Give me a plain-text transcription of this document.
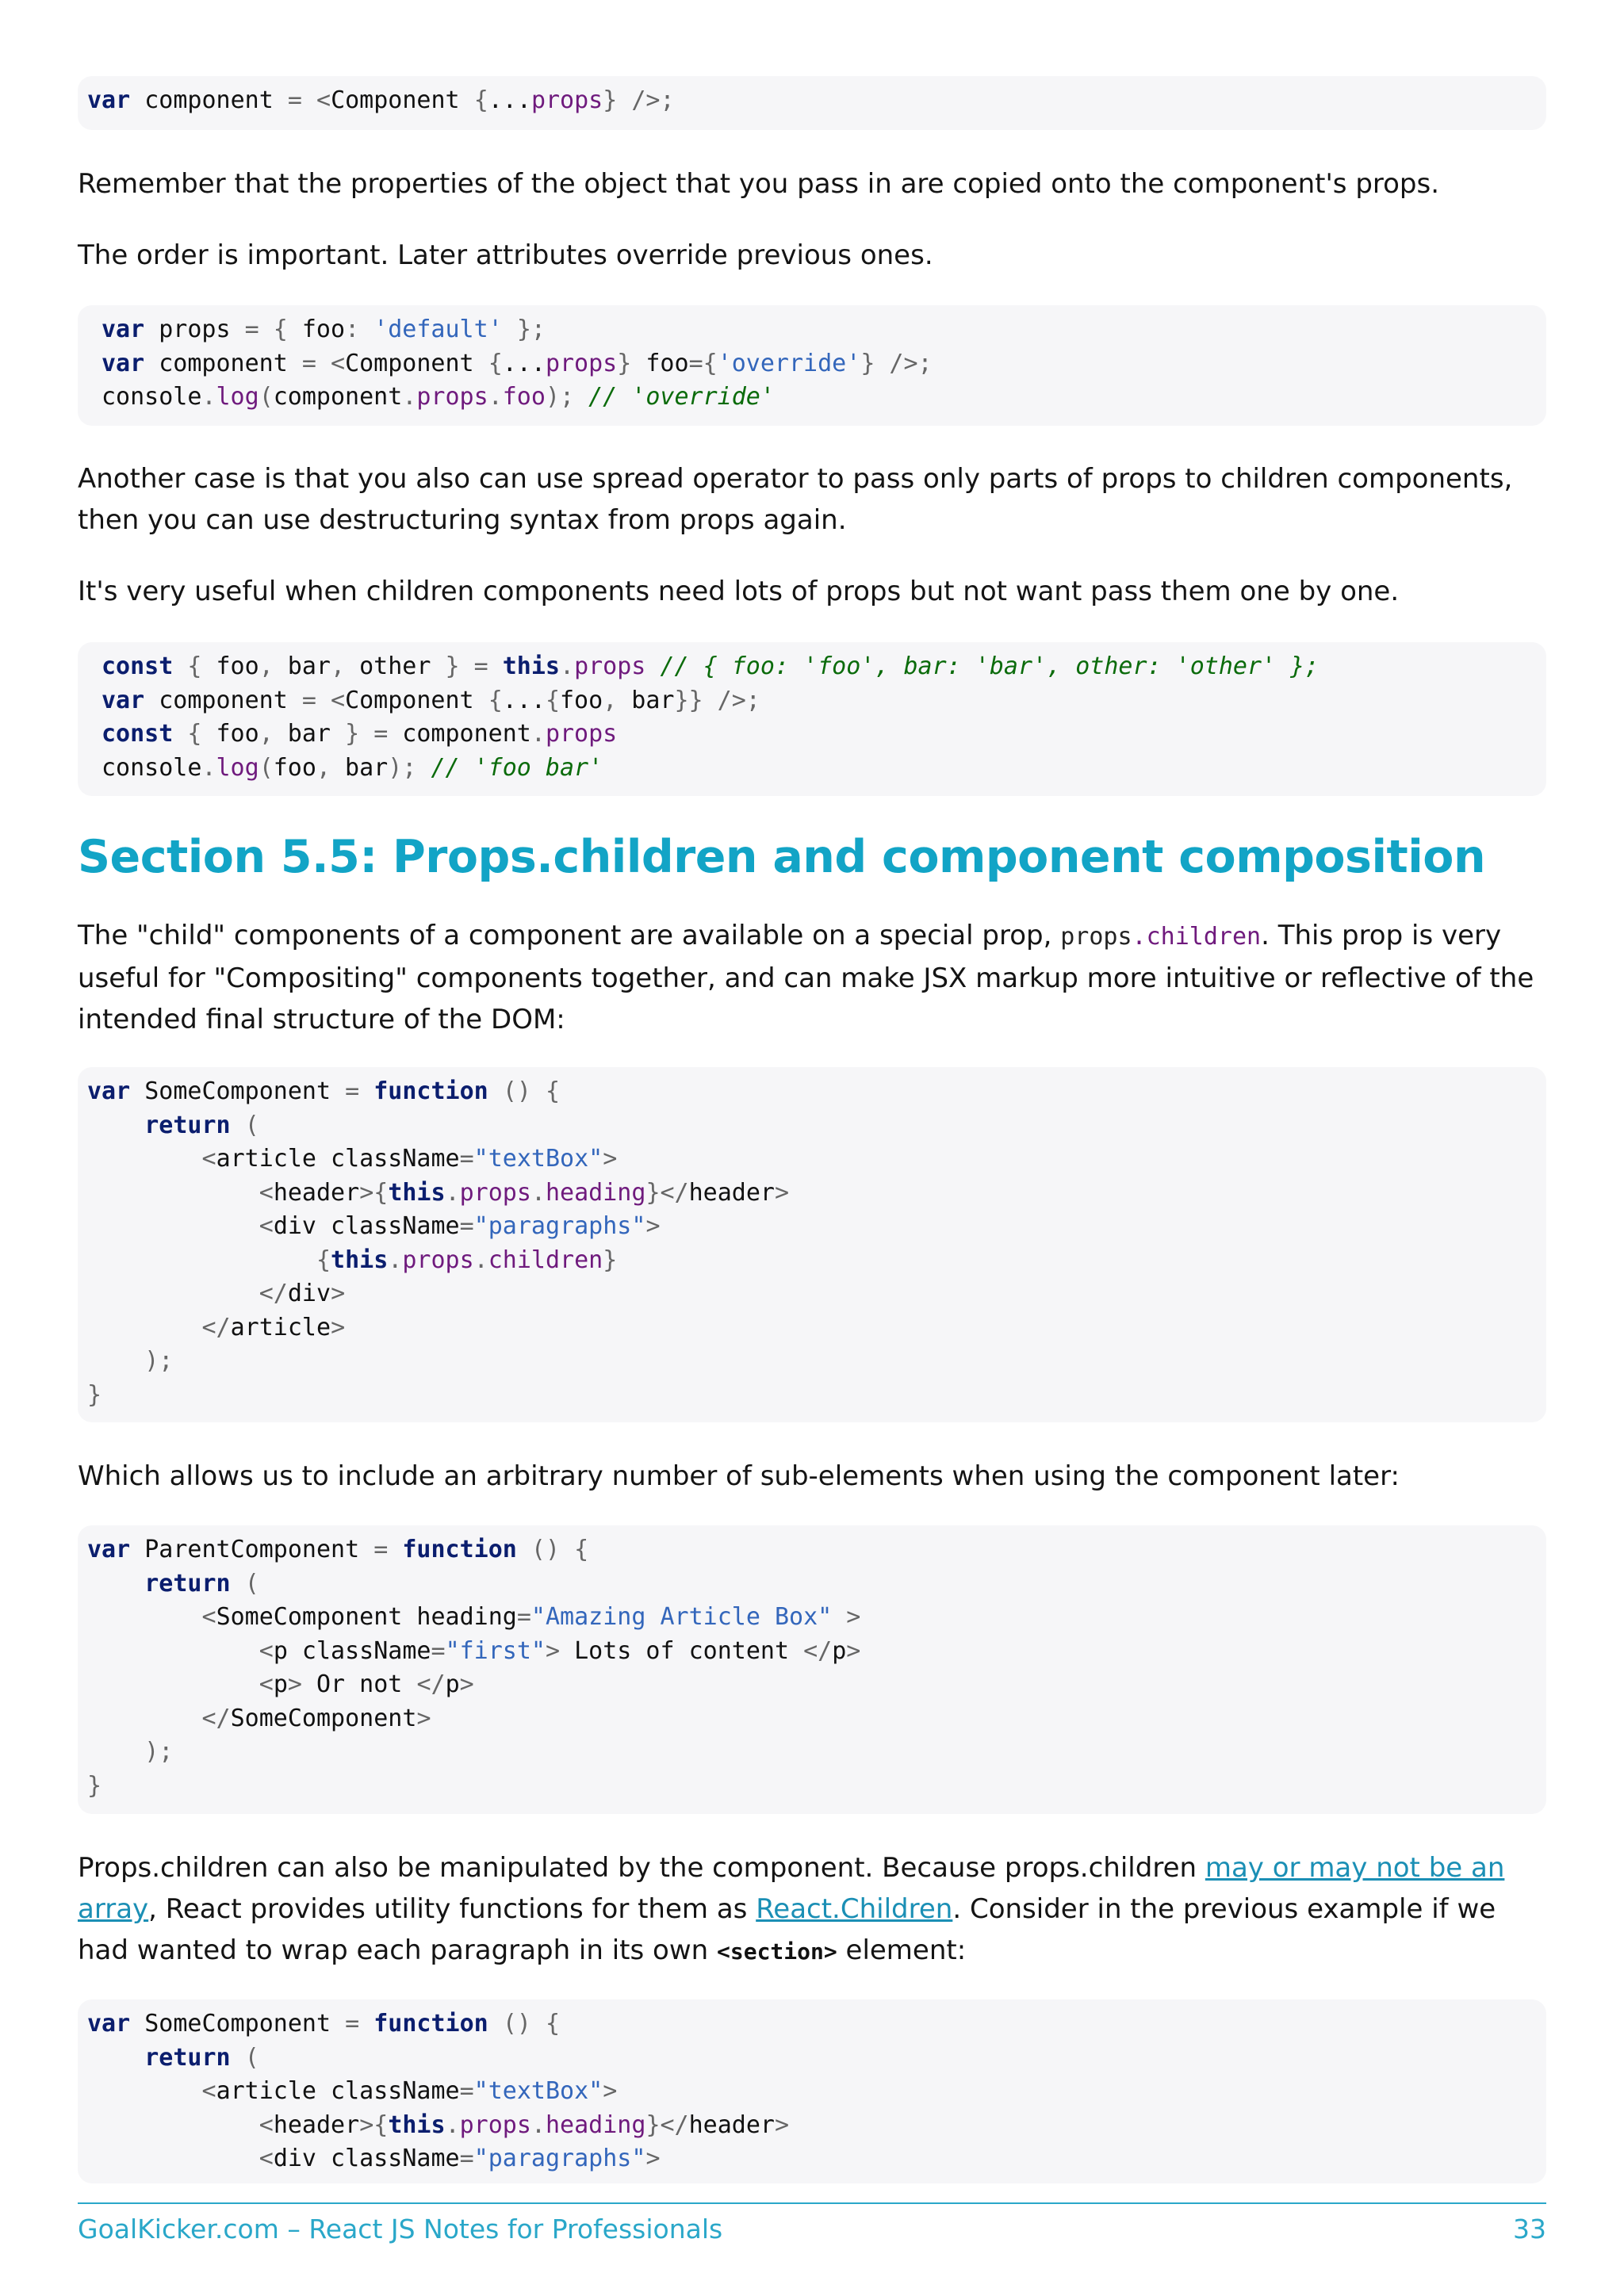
var component = <Component {...props} />;

Remember that the properties of the object that you pass in are copied onto the component's props.

The order is important. Later attributes override previous ones.

var props = { foo: 'default' };
var component = <Component {...props} foo={'override'} />;
console.log(component.props.foo); // 'override'

Another case is that you also can use spread operator to pass only parts of props to children components, then you can use destructuring syntax from props again.

It's very useful when children components need lots of props but not want pass them one by one.

const { foo, bar, other } = this.props // { foo: 'foo', bar: 'bar', other: 'other' };
var component = <Component {...{foo, bar}} />;
const { foo, bar } = component.props
console.log(foo, bar); // 'foo bar'
Section 5.5: Props.children and component composition

The "child" components of a component are available on a special prop, props.children. This prop is very useful for "Compositing" components together, and can make JSX markup more intuitive or reflective of the intended final structure of the DOM:

var SomeComponent = function () {
return (
<article className="textBox">
<header>{this.props.heading}</header>
<div className="paragraphs">
{this.props.children}
</div>
</article>
);
}

Which allows us to include an arbitrary number of sub-elements when using the component later:

var ParentComponent = function () {
return (
<SomeComponent heading="Amazing Article Box" >
<p className="first"> Lots of content </p>
<p> Or not </p>
</SomeComponent>
);
}

Props.children can also be manipulated by the component. Because props.children may or may not be an array, React provides utility functions for them as React.Children. Consider in the previous example if we had wanted to wrap each paragraph in its own <section> element:

var SomeComponent = function () {
return (
<article className="textBox">
<header>{this.props.heading}</header>
<div className="paragraphs">
GoalKicker.com – React JS Notes for Professionals	33
